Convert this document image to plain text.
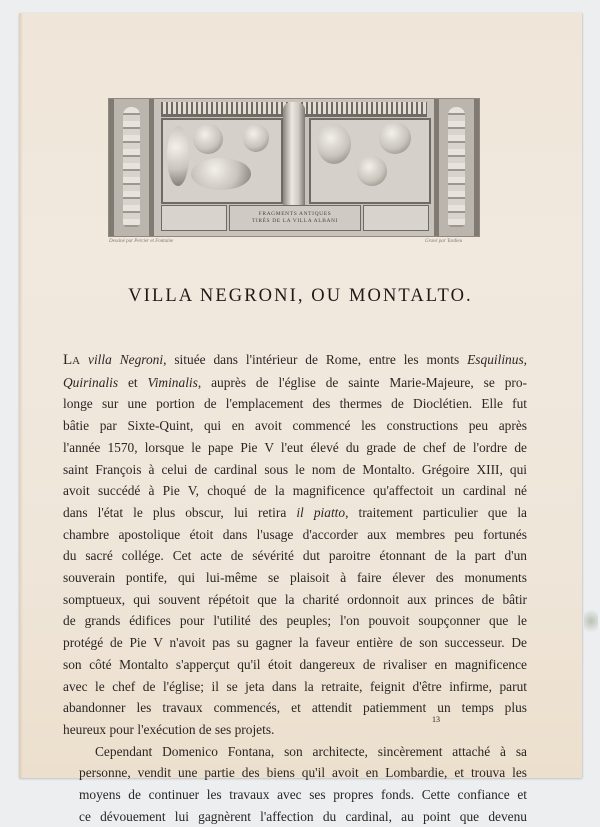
FRAGMENTS ANTIQUES
TIRÉS DE LA VILLA ALBANI
Dessiné par Percier et Fontaine	Gravé par Tardieu
VILLA NEGRONI, OU MONTALTO.

La villa Negroni, située dans l'intérieur de Rome, entre les monts Esquilinus,
Quirinalis et Viminalis, auprès de l'église de sainte Marie-Majeure, se pro-
longe sur une portion de l'emplacement des thermes de Dioclétien. Elle fut
bâtie par Sixte-Quint, qui en avoit commencé les constructions peu après
l'année 1570, lorsque le pape Pie V l'eut élevé du grade de chef de l'ordre de
saint François à celui de cardinal sous le nom de Montalto. Grégoire XIII, qui
avoit succédé à Pie V, choqué de la magnificence qu'affectoit un cardinal né
dans l'état le plus obscur, lui retira il piatto, traitement particulier que la
chambre apostolique étoit dans l'usage d'accorder aux membres peu fortunés
du sacré collége. Cet acte de sévérité dut paroitre étonnant de la part d'un
souverain pontife, qui lui-même se plaisoit à faire élever des monuments
somptueux, qui souvent répétoit que la charité ordonnoit aux princes de bâtir
de grands édifices pour l'utilité des peuples; l'on pouvoit soupçonner que le
protégé de Pie V n'avoit pas su gagner la faveur entière de son successeur. De
son côté Montalto s'apperçut qu'il étoit dangereux de rivaliser en magnificence
avec le chef de l'église; il se jeta dans la retraite, feignit d'être infirme, parut
abandonner les travaux commencés, et attendit patiemment un temps plus
heureux pour l'exécution de ses projets.

Cependant Domenico Fontana, son architecte, sincèrement attaché à sa
personne, vendit une partie des biens qu'il avoit en Lombardie, et trouva les
moyens de continuer les travaux avec ses propres fonds. Cette confiance et
ce dévouement lui gagnèrent l'affection du cardinal, au point que devenu

13
